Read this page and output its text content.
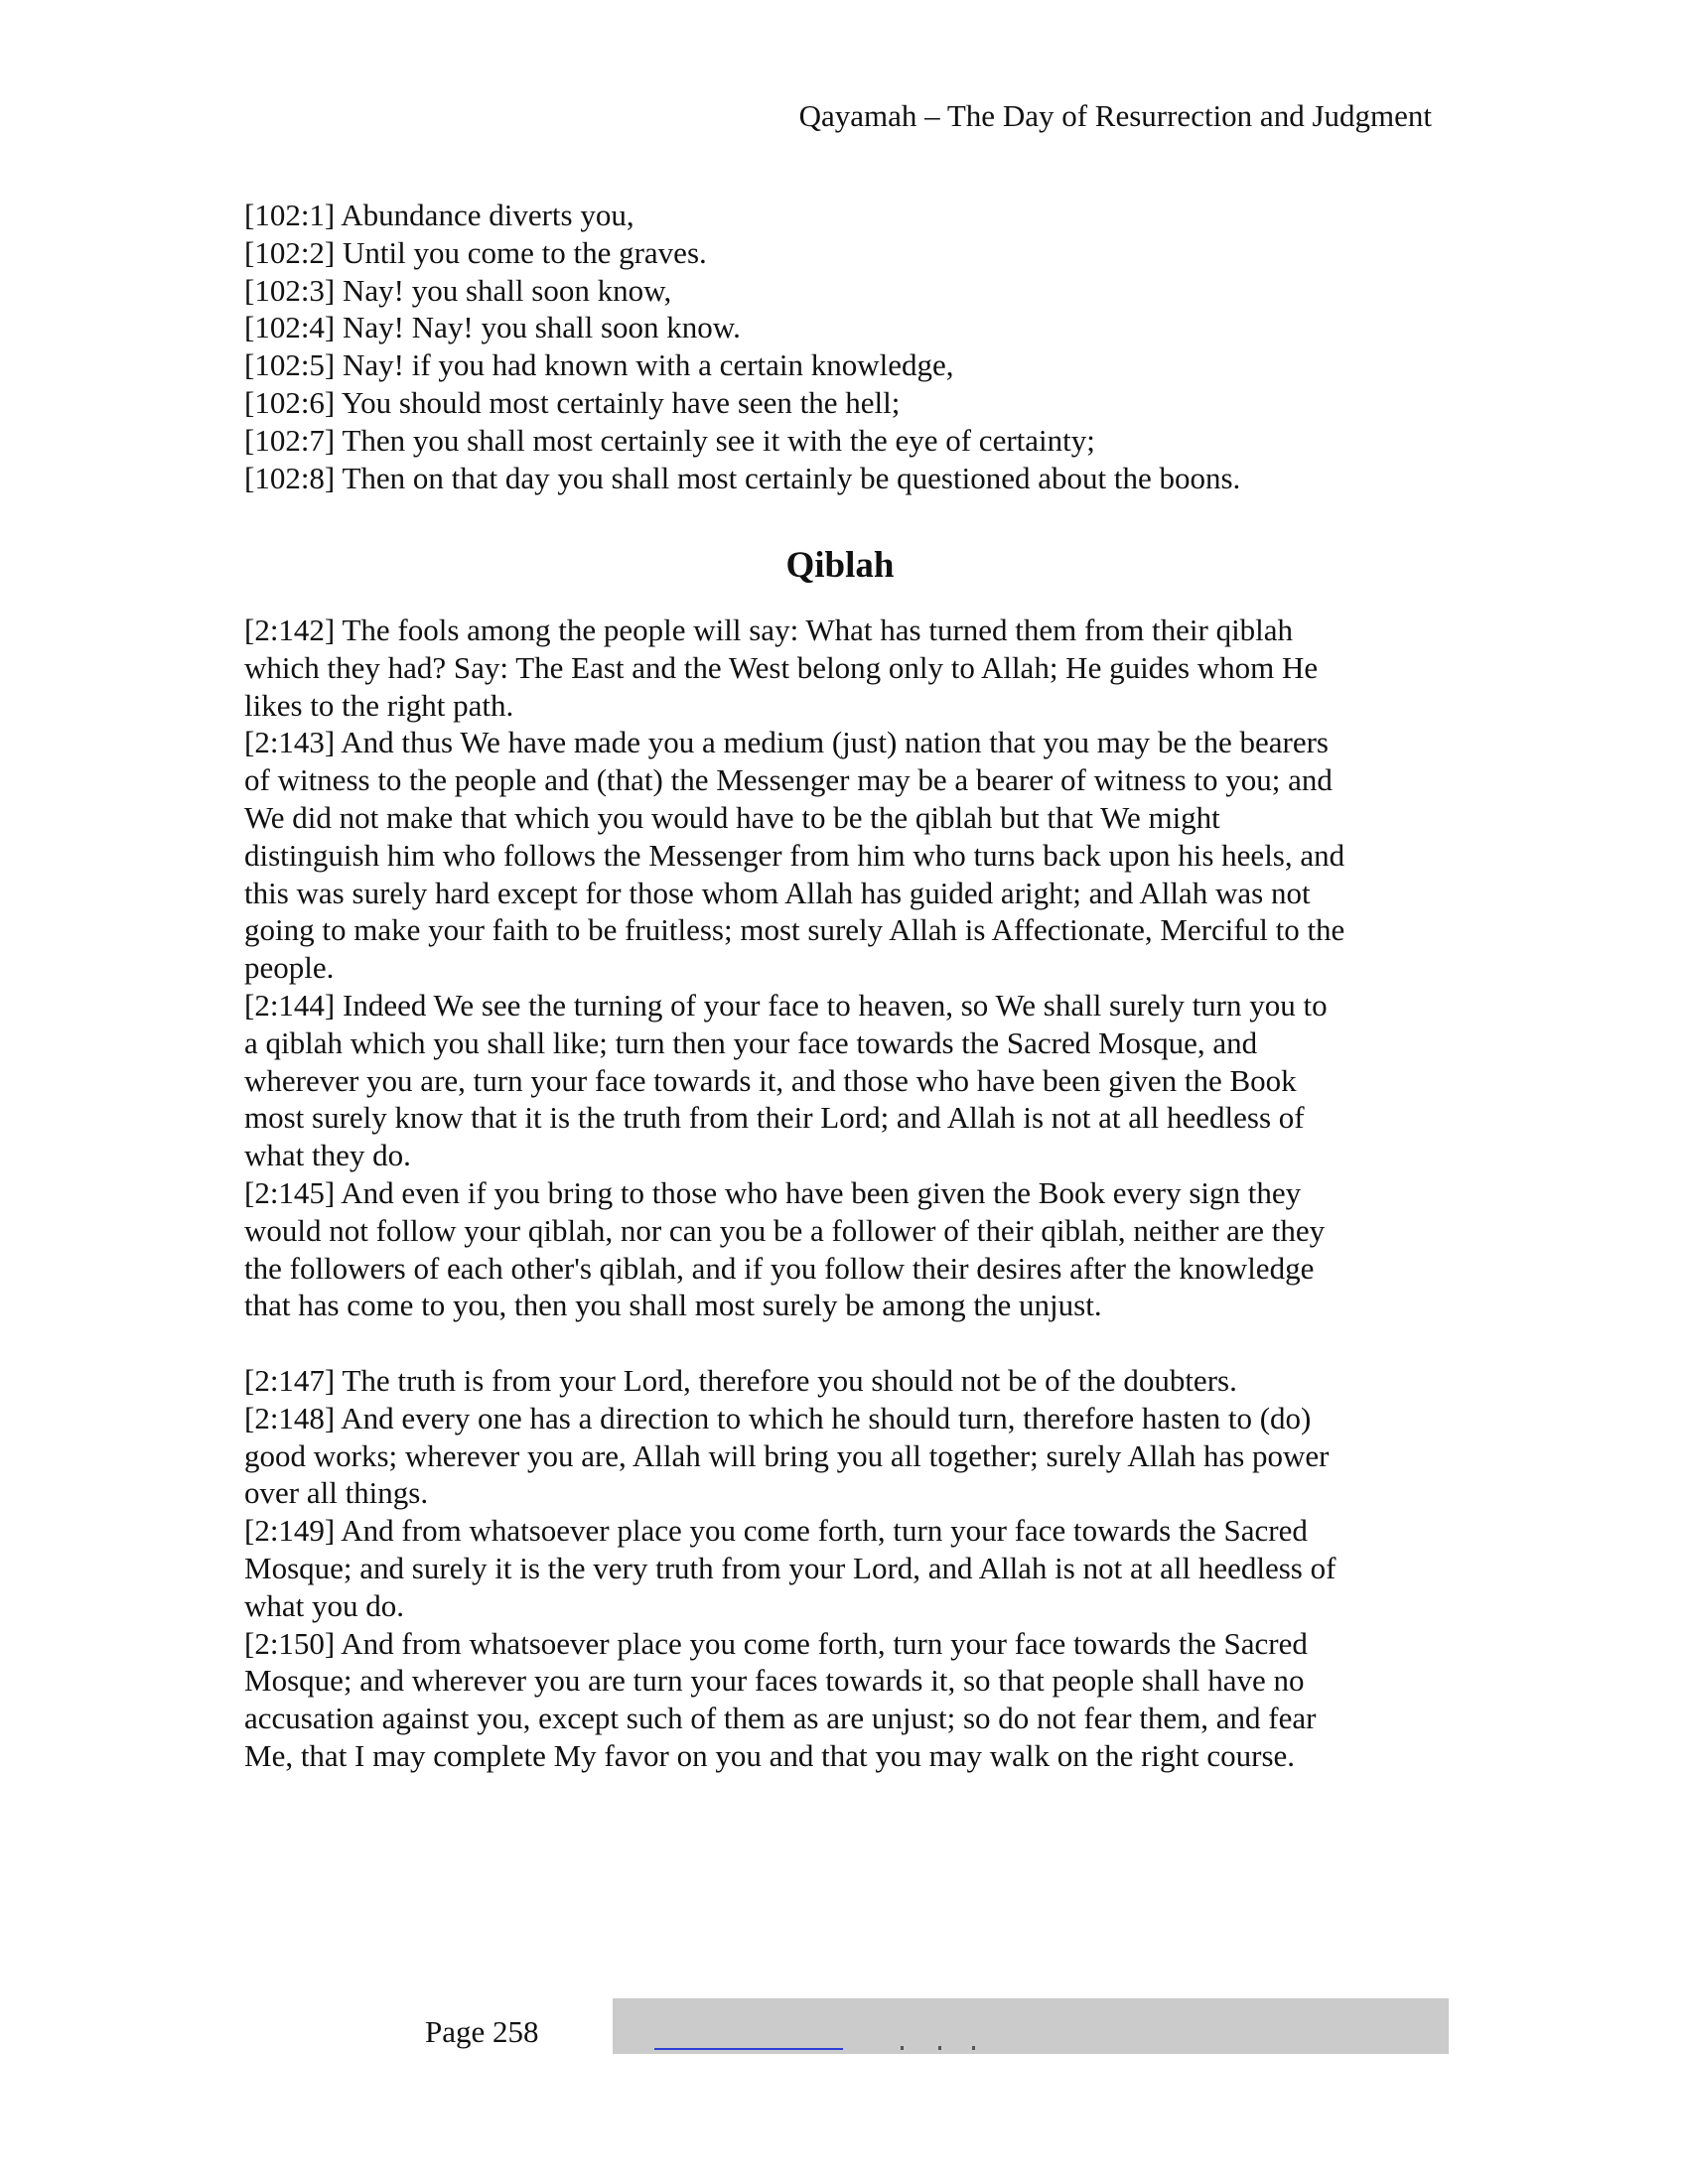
Qayamah – The Day of Resurrection and Judgment

[102:1] Abundance diverts you,

[102:2] Until you come to the graves.

[102:3] Nay! you shall soon know,

[102:4] Nay! Nay! you shall soon know.

[102:5] Nay! if you had known with a certain knowledge,

[102:6] You should most certainly have seen the hell;

[102:7] Then you shall most certainly see it with the eye of certainty;

[102:8] Then on that day you shall most certainly be questioned about the boons.

Qiblah

[2:142] The fools among the people will say: What has turned them from their qiblah

which they had? Say: The East and the West belong only to Allah; He guides whom He

likes to the right path.

[2:143] And thus We have made you a medium (just) nation that you may be the bearers

of witness to the people and (that) the Messenger may be a bearer of witness to you; and

We did not make that which you would have to be the qiblah but that We might

distinguish him who follows the Messenger from him who turns back upon his heels, and

this was surely hard except for those whom Allah has guided aright; and Allah was not

going to make your faith to be fruitless; most surely Allah is Affectionate, Merciful to the

people.

[2:144] Indeed We see the turning of your face to heaven, so We shall surely turn you to

a qiblah which you shall like; turn then your face towards the Sacred Mosque, and

wherever you are, turn your face towards it, and those who have been given the Book

most surely know that it is the truth from their Lord; and Allah is not at all heedless of

what they do.

[2:145] And even if you bring to those who have been given the Book every sign they

would not follow your qiblah, nor can you be a follower of their qiblah, neither are they

the followers of each other's qiblah, and if you follow their desires after the knowledge

that has come to you, then you shall most surely be among the unjust.

[2:147] The truth is from your Lord, therefore you should not be of the doubters.

[2:148] And every one has a direction to which he should turn, therefore hasten to (do)

good works; wherever you are, Allah will bring you all together; surely Allah has power

over all things.

[2:149] And from whatsoever place you come forth, turn your face towards the Sacred

Mosque; and surely it is the very truth from your Lord, and Allah is not at all heedless of

what you do.

[2:150] And from whatsoever place you come forth, turn your face towards the Sacred

Mosque; and wherever you are turn your faces towards it, so that people shall have no

accusation against you, except such of them as are unjust; so do not fear them, and fear

Me, that I may complete My favor on you and that you may walk on the right course.

Page 258
